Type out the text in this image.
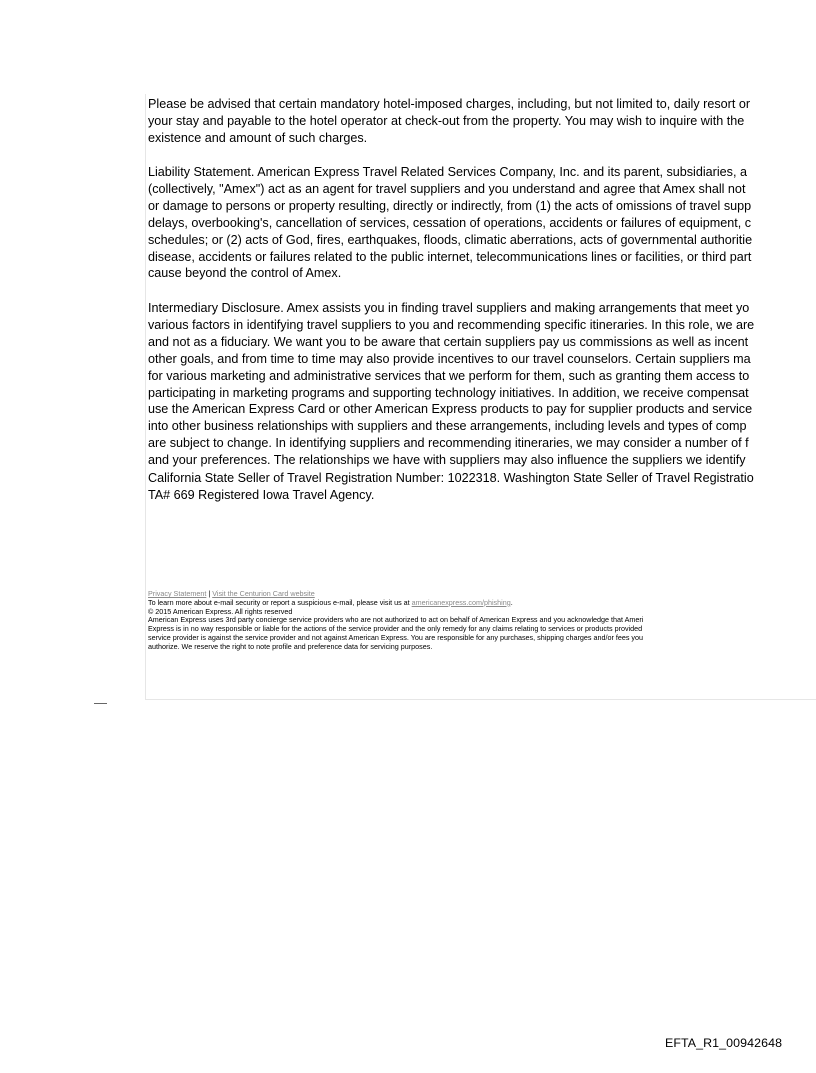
Please be advised that certain mandatory hotel-imposed charges, including, but not limited to, daily resort or
your stay and payable to the hotel operator at check-out from the property. You may wish to inquire with the
existence and amount of such charges.

Liability Statement. American Express Travel Related Services Company, Inc. and its parent, subsidiaries, a
(collectively, "Amex") act as an agent for travel suppliers and you understand and agree that Amex shall not
or damage to persons or property resulting, directly or indirectly, from (1) the acts of omissions of travel supp
delays, overbooking's, cancellation of services, cessation of operations, accidents or failures of equipment, c
schedules; or (2) acts of God, fires, earthquakes, floods, climatic aberrations, acts of governmental authoritie
disease, accidents or failures related to the public internet, telecommunications lines or facilities, or third part
cause beyond the control of Amex.

Intermediary Disclosure. Amex assists you in finding travel suppliers and making arrangements that meet yo
various factors in identifying travel suppliers to you and recommending specific itineraries. In this role, we are
and not as a fiduciary. We want you to be aware that certain suppliers pay us commissions as well as incent
other goals, and from time to time may also provide incentives to our travel counselors. Certain suppliers ma
for various marketing and administrative services that we perform for them, such as granting them access to
participating in marketing programs and supporting technology initiatives. In addition, we receive compensat
use the American Express Card or other American Express products to pay for supplier products and service
into other business relationships with suppliers and these arrangements, including levels and types of comp
are subject to change. In identifying suppliers and recommending itineraries, we may consider a number of f
and your preferences. The relationships we have with suppliers may also influence the suppliers we identify

California State Seller of Travel Registration Number: 1022318. Washington State Seller of Travel Registratio
TA# 669 Registered Iowa Travel Agency.

Privacy Statement | Visit the Centurion Card website
To learn more about e-mail security or report a suspicious e-mail, please visit us at americanexpress.com/phishing.
© 2015 American Express. All rights reserved
American Express uses 3rd party concierge service providers who are not authorized to act on behalf of American Express and you acknowledge that Ameri
Express is in no way responsible or liable for the actions of the service provider and the only remedy for any claims relating to services or products provided
service provider is against the service provider and not against American Express. You are responsible for any purchases, shipping charges and/or fees you
authorize. We reserve the right to note profile and preference data for servicing purposes.
EFTA_R1_00942648
